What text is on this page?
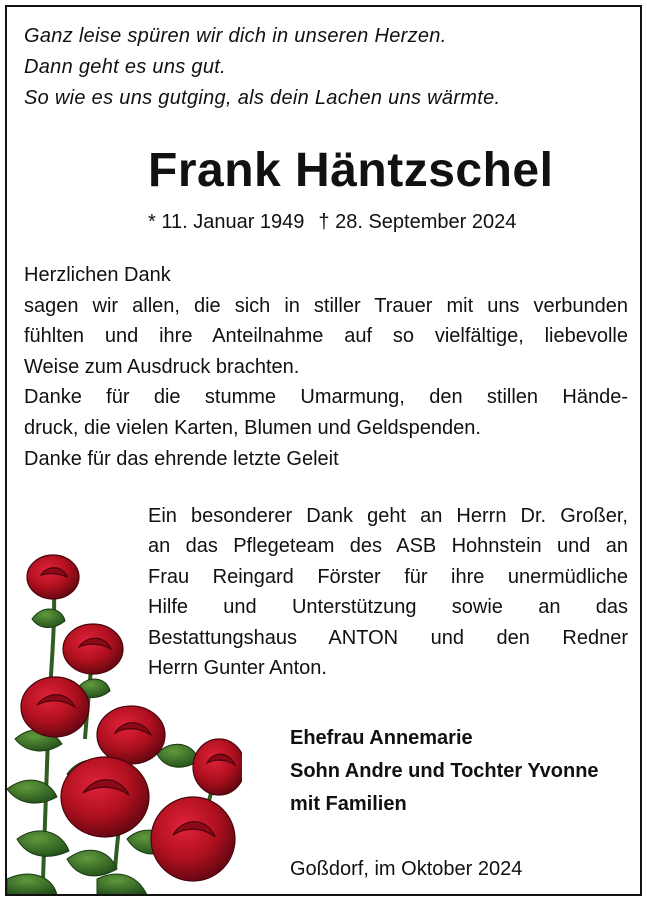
Ganz leise spüren wir dich in unseren Herzen.
Dann geht es uns gut.
So wie es uns gutging, als dein Lachen uns wärmte.
Frank Häntzschel
* 11. Januar 1949 † 28. September 2024
Herzlichen Dank
sagen wir allen, die sich in stiller Trauer mit uns verbunden
fühlten und ihre Anteilnahme auf so vielfältige, liebevolle
Weise zum Ausdruck brachten.
Danke für die stumme Umarmung, den stillen Hände-
druck, die vielen Karten, Blumen und Geldspenden.
Danke für das ehrende letzte Geleit
Ein besonderer Dank geht an Herrn Dr. Großer,
an das Pflegeteam des ASB Hohnstein und an
Frau Reingard Förster für ihre unermüdliche
Hilfe und Unterstützung sowie an das
Bestattungshaus ANTON und den Redner
Herrn Gunter Anton.
Ehefrau Annemarie
Sohn Andre und Tochter Yvonne
mit Familien
Goßdorf, im Oktober 2024
